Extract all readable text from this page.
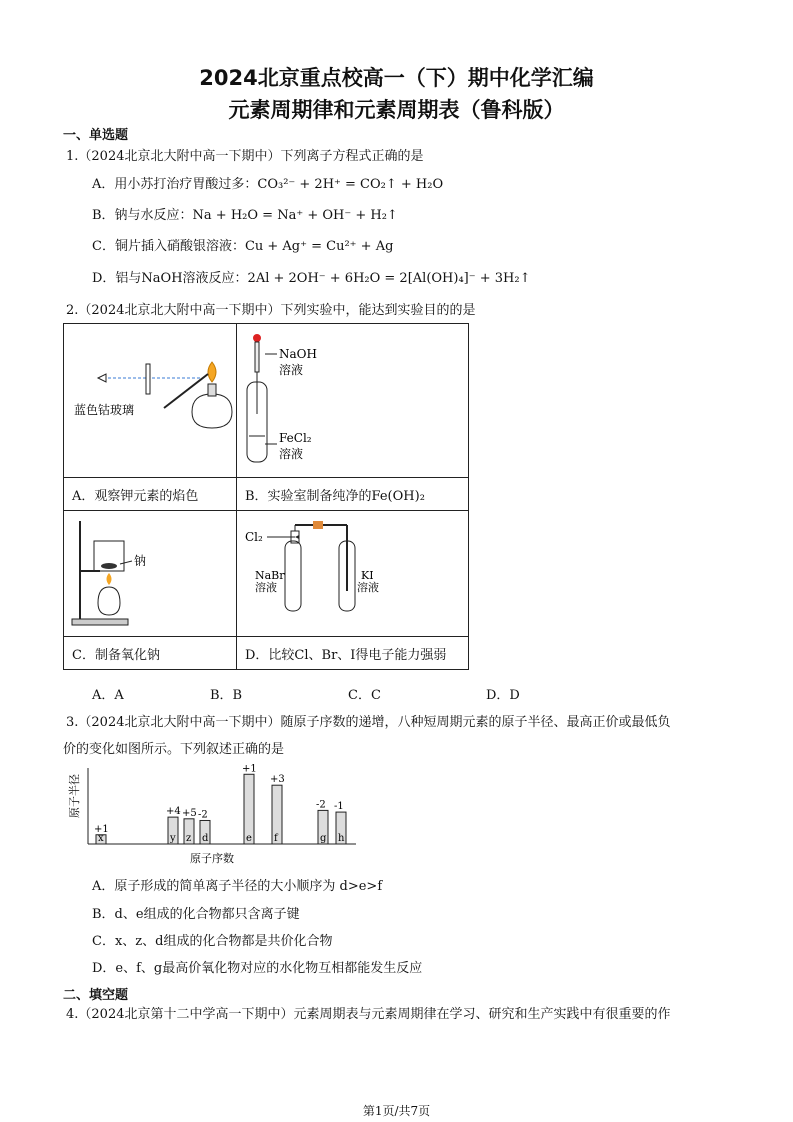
2024北京重点校高一（下）期中化学汇编
元素周期律和元素周期表（鲁科版）
一、单选题
1.（2024北京北大附中高一下期中）下列离子方程式正确的是
A．用小苏打治疗胃酸过多：CO₃²⁻ + 2H⁺ = CO₂↑ + H₂O
B．钠与水反应：Na + H₂O = Na⁺ + OH⁻ + H₂↑
C．铜片插入硝酸银溶液：Cu + Ag⁺ = Cu²⁺ + Ag
D．铝与NaOH溶液反应：2Al + 2OH⁻ + 6H₂O = 2[Al(OH)₄]⁻ + 3H₂↑
2.（2024北京北大附中高一下期中）下列实验中，能达到实验目的的是
蓝色钴玻璃	NaOH
溶液
FeCl₂
溶液

A．观察钾元素的焰色	B．实验室制备纯净的Fe(OH)₂

钠	Cl₂
NaBr
溶液
KI
溶液

C．制备氧化钠	D．比较Cl、Br、I得电子能力强弱
A．A	B．B	C．C	D．D
3.（2024北京北大附中高一下期中）随原子序数的递增，八种短周期元素的原子半径、最高正价或最低负
价的变化如图所示。下列叙述正确的是
原子半径
原子序数
x
+1
y
+4
z
+5
d
-2
e
+1
f
+3
g
-2
h
-1
A．原子形成的简单离子半径的大小顺序为 d>e>f
B．d、e组成的化合物都只含离子键
C．x、z、d组成的化合物都是共价化合物
D．e、f、g最高价氧化物对应的水化物互相都能发生反应
二、填空题
4.（2024北京第十二中学高一下期中）元素周期表与元素周期律在学习、研究和生产实践中有很重要的作
第1页/共7页
